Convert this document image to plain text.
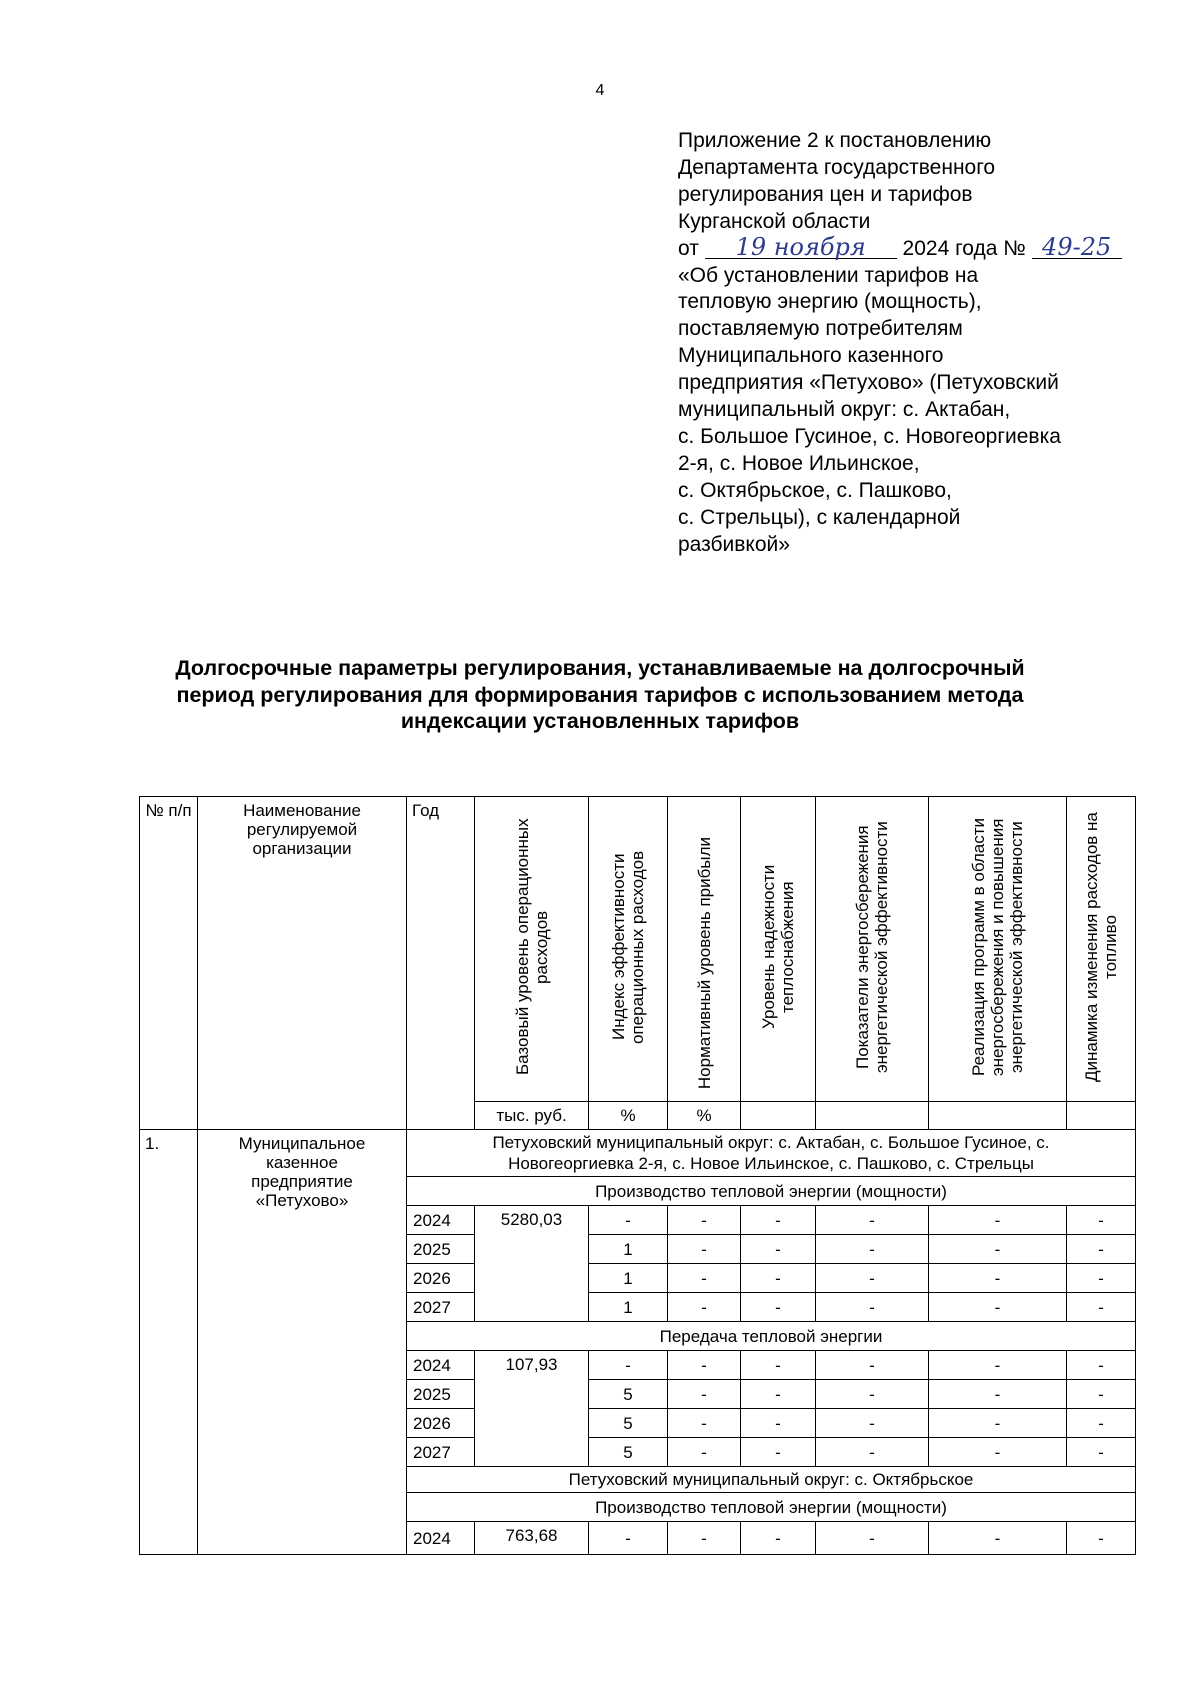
4
Приложение 2 к постановлению
Департамента государственного
регулирования цен и тарифов
Курганской области
от 19 ноября 2024 года № 49-25
«Об установлении тарифов на
тепловую энергию (мощность),
поставляемую потребителям
Муниципального казенного
предприятия «Петухово» (Петуховский
муниципальный округ: с. Актабан,
с. Большое Гусиное, с. Новогеоргиевка
2-я, с. Новое Ильинское,
с. Октябрьское, с. Пашково,
с. Стрельцы), с календарной
разбивкой»
Долгосрочные параметры регулирования, устанавливаемые на долгосрочный
период регулирования для формирования тарифов с использованием метода
индексации установленных тарифов
№ п/п	Наименование регулируемой организации	Год	Базовый уровень операционных расходов	Индекс эффективности операционных расходов	Нормативный уровень прибыли	Уровень надежности теплоснабжения	Показатели энергосбережения энергетической эффективности	Реализация программ в области энергосбережения и повышения энергетической эффективности	Динамика изменения расходов на топливо
			тыс. руб.	%	%				
1.	Муниципальное казенное предприятие «Петухово»	Петуховский муниципальный округ: с. Актабан, с. Большое Гусиное, с. Новогеоргиевка 2-я, с. Новое Ильинское, с. Пашково, с. Стрельцы							
		Производство тепловой энергии (мощности)							
		2024	5280,03	-	-	-	-	-	-
		2025		1	-	-	-	-	-
		2026		1	-	-	-	-	-
		2027		1	-	-	-	-	-
		Передача тепловой энергии							
		2024	107,93	-	-	-	-	-	-
		2025		5	-	-	-	-	-
		2026		5	-	-	-	-	-
		2027		5	-	-	-	-	-
		Петуховский муниципальный округ: с. Октябрьское							
		Производство тепловой энергии (мощности)							
		2024	763,68	-	-	-	-	-	-
